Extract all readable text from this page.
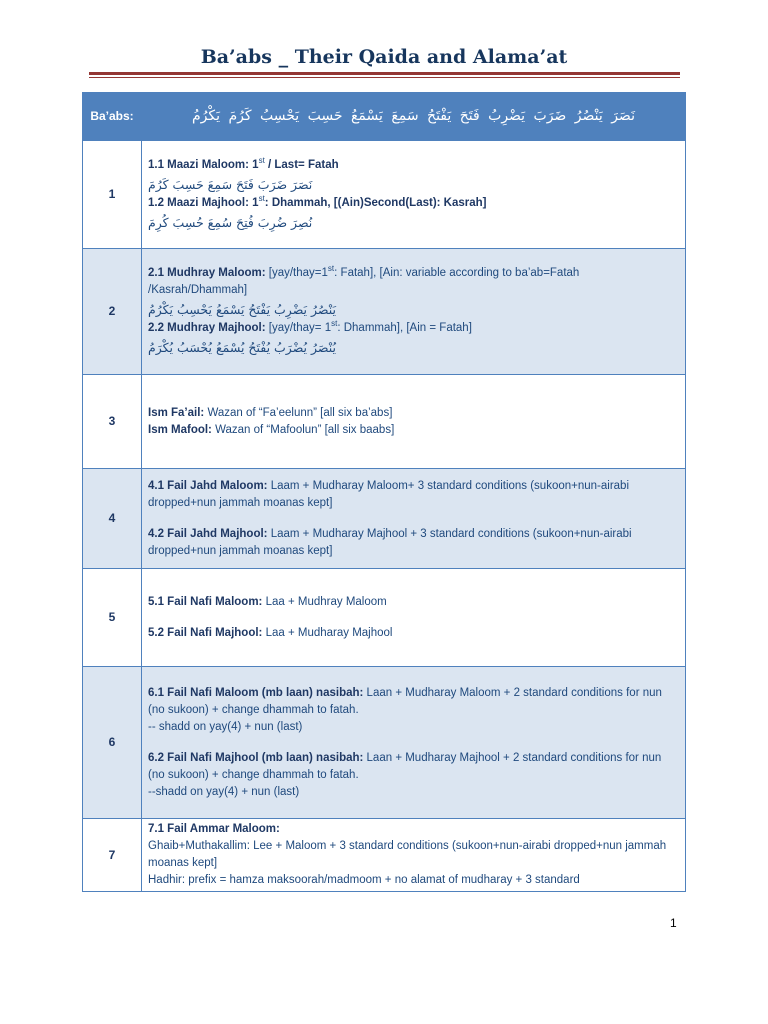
Ba’abs _ Their Qaida and Alama’at
Ba’abs:	نَصَرَ يَنْصُرُ ضَرَبَ يَضْرِبُ فَتَحَ يَفْتَحُ سَمِعَ يَسْمَعُ حَسِبَ يَحْسِبُ كَرُمَ يَكْرُمُ

1	1.1 Maazi Maloom: 1st / Last= Fatah
نَصَرَ ضَرَبَ فَتَحَ سَمِعَ حَسِبَ كَرُمَ
1.2 Maazi Majhool: 1st: Dhammah, [(Ain)Second(Last): Kasrah]
نُصِرَ ضُرِبَ فُتِحَ سُمِعَ حُسِبَ كُرِمَ

2	2.1 Mudhray Maloom: [yay/thay=1st: Fatah], [Ain: variable according to ba’ab=Fatah /Kasrah/Dhammah]
يَنْصُرُ يَضْرِبُ يَفْتَحُ يَسْمَعُ يَحْسِبُ يَكْرُمُ
2.2 Mudhray Majhool: [yay/thay= 1st: Dhammah], [Ain = Fatah]
يُنْصَرُ يُضْرَبُ يُفْتَحُ يُسْمَعُ يُحْسَبُ يُكْرَمُ

3	Ism Fa’ail: Wazan of “Fa’eelunn” [all six ba’abs]
Ism Mafool: Wazan of “Mafoolun” [all six baabs]

4	4.1 Fail Jahd Maloom: Laam + Mudharay Maloom+ 3 standard conditions (sukoon+nun-airabi dropped+nun jammah moanas kept]
4.2 Fail Jahd Majhool: Laam + Mudharay Majhool + 3 standard conditions (sukoon+nun-airabi dropped+nun jammah moanas kept]

5	5.1 Fail Nafi Maloom: Laa + Mudhray Maloom
5.2 Fail Nafi Majhool: Laa + Mudharay Majhool

6	6.1 Fail Nafi Maloom (mb laan) nasibah: Laan + Mudharay Maloom + 2 standard conditions for nun (no sukoon) + change dhammah to fatah.
-- shadd on yay(4) + nun (last)
6.2 Fail Nafi Majhool (mb laan) nasibah: Laan + Mudharay Majhool + 2 standard conditions for nun (no sukoon) + change dhammah to fatah.
--shadd on yay(4) + nun (last)

7	7.1 Fail Ammar Maloom:
Ghaib+Muthakallim: Lee + Maloom + 3 standard conditions (sukoon+nun-airabi dropped+nun jammah moanas kept]
Hadhir: prefix = hamza maksoorah/madmoom + no alamat of mudharay + 3 standard
1
